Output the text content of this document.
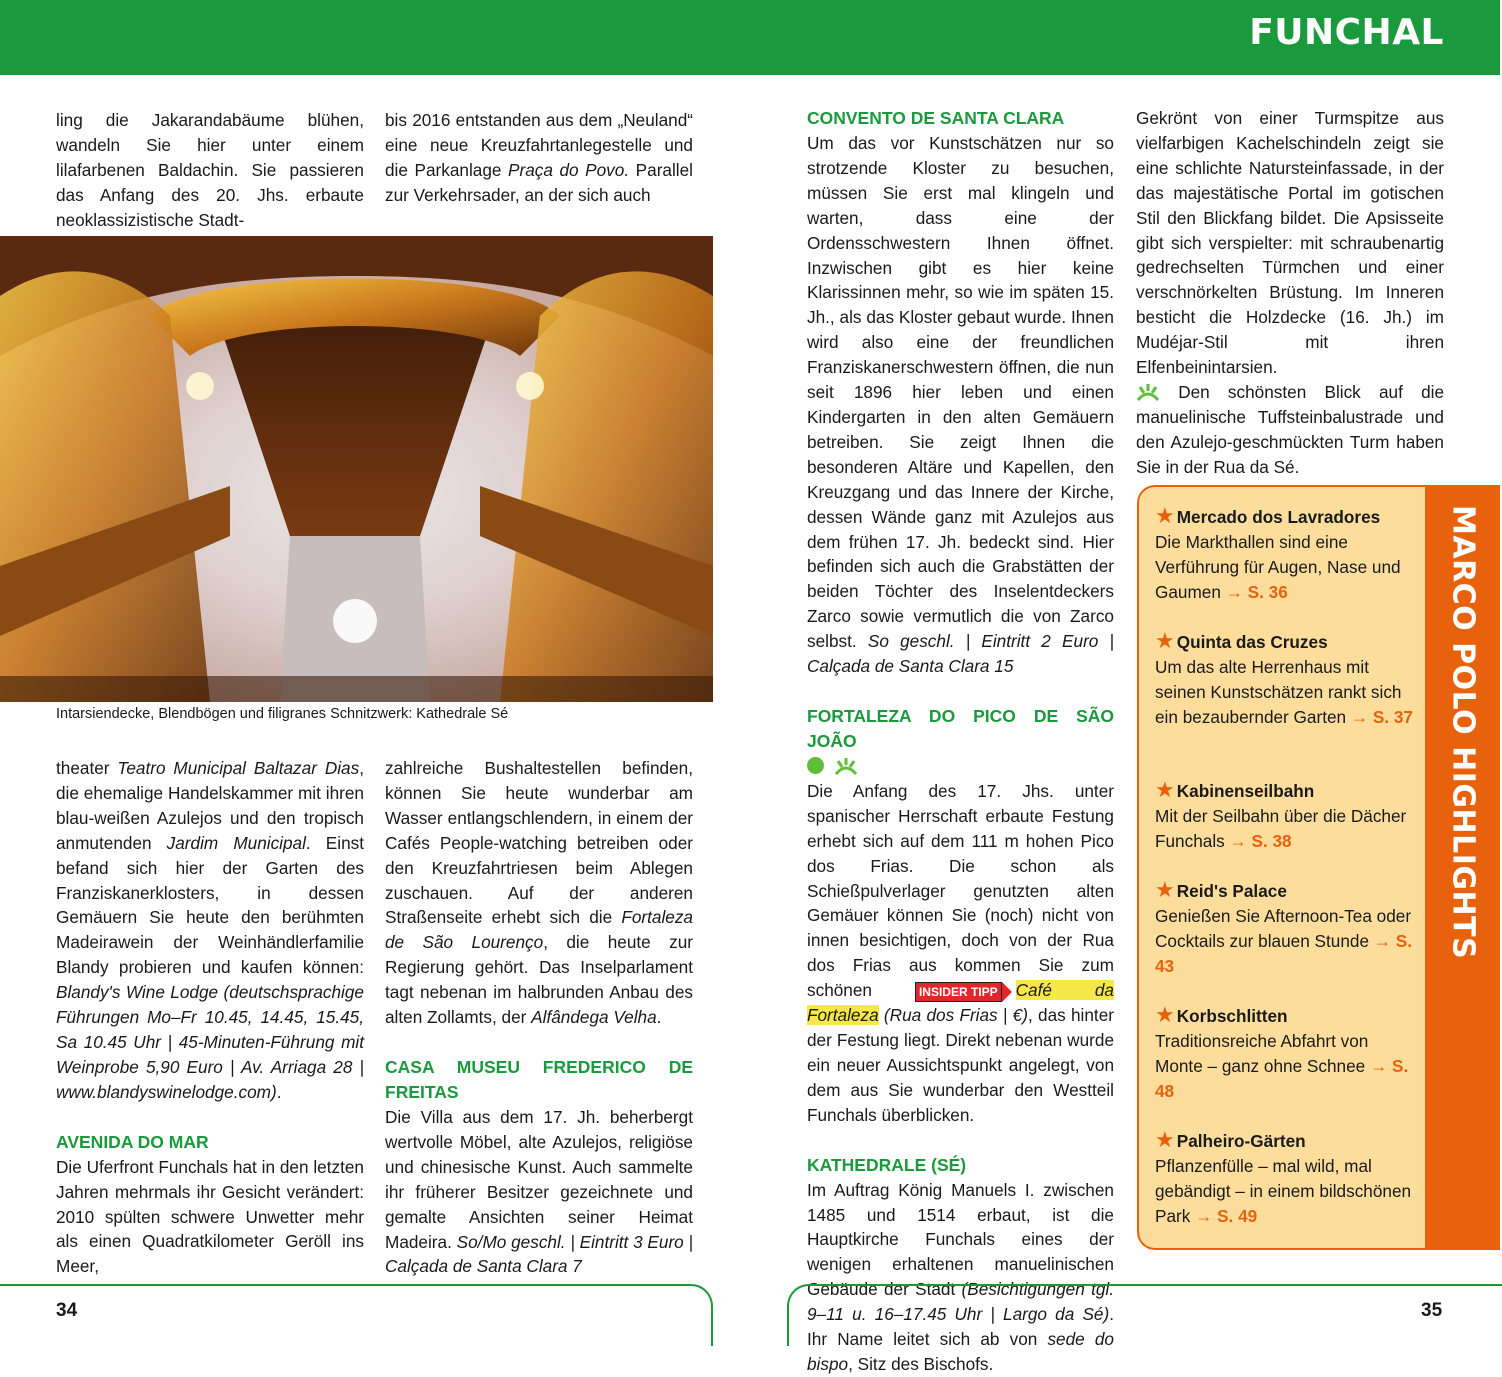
FUNCHAL

ling die Jakarandabäume blühen, wandeln Sie hier unter einem lilafarbenen Baldachin. Sie passieren das Anfang des 20. Jhs. erbaute neoklassizistische Stadt-

bis 2016 entstanden aus dem „Neuland“ eine neue Kreuzfahrtanlegestelle und die Parkanlage Praça do Povo. Parallel zur Verkehrsader, an der sich auch

Intarsiendecke, Blendbögen und filigranes Schnitzwerk: Kathedrale Sé

theater Teatro Municipal Baltazar Dias, die ehemalige Handelskammer mit ihren blau-weißen Azulejos und den tropisch anmutenden Jardim Municipal. Einst befand sich hier der Garten des Franziskanerklosters, in dessen Gemäuern Sie heute den berühmten Madeirawein der Weinhändlerfamilie Blandy probieren und kaufen können: Blandy's Wine Lodge (deutschsprachige Führungen Mo–Fr 10.45, 14.45, 15.45, Sa 10.45 Uhr | 45-Minuten-Führung mit Weinprobe 5,90 Euro | Av. Arriaga 28 | www.blandyswinelodge.com).

AVENIDA DO MAR

Die Uferfront Funchals hat in den letzten Jahren mehrmals ihr Gesicht verändert: 2010 spülten schwere Unwetter mehr als einen Quadratkilometer Geröll ins Meer,

zahlreiche Bushaltestellen befinden, können Sie heute wunderbar am Wasser entlangschlendern, in einem der Cafés People-watching betreiben oder den Kreuzfahrtriesen beim Ablegen zuschauen. Auf der anderen Straßenseite erhebt sich die Fortaleza de São Lourenço, die heute zur Regierung gehört. Das Inselparlament tagt nebenan im halbrunden Anbau des alten Zollamts, der Alfândega Velha.

CASA MUSEU FREDERICO DE FREITAS

Die Villa aus dem 17. Jh. beherbergt wertvolle Möbel, alte Azulejos, religiöse und chinesische Kunst. Auch sammelte ihr früherer Besitzer gezeichnete und gemalte Ansichten seiner Heimat Madeira. So/Mo geschl. | Eintritt 3 Euro | Calçada de Santa Clara 7

CONVENTO DE SANTA CLARA

Um das vor Kunstschätzen nur so strotzende Kloster zu besuchen, müssen Sie erst mal klingeln und warten, dass eine der Ordensschwestern Ihnen öffnet. Inzwischen gibt es hier keine Klarissinnen mehr, so wie im späten 15. Jh., als das Kloster gebaut wurde. Ihnen wird also eine der freundlichen Franziskanerschwestern öffnen, die nun seit 1896 hier leben und einen Kindergarten in den alten Gemäuern betreiben. Sie zeigt Ihnen die besonderen Altäre und Kapellen, den Kreuzgang und das Innere der Kirche, dessen Wände ganz mit Azulejos aus dem frühen 17. Jh. bedeckt sind. Hier befinden sich auch die Grabstätten der beiden Töchter des Inselentdeckers Zarco sowie vermutlich die von Zarco selbst. So geschl. | Eintritt 2 Euro | Calçada de Santa Clara 15

FORTALEZA DO PICO DE SÃO JOÃO

Die Anfang des 17. Jhs. unter spanischer Herrschaft erbaute Festung erhebt sich auf dem 111 m hohen Pico dos Frias. Die schon als Schießpulverlager genutzten alten Gemäuer können Sie (noch) nicht von innen besichtigen, doch von der Rua dos Frias aus kommen Sie zum schönen INSIDER TIPP Café da Fortaleza (Rua dos Frias | €), das hinter der Festung liegt. Direkt nebenan wurde ein neuer Aussichtspunkt angelegt, von dem aus Sie wunderbar den Westteil Funchals überblicken.

KATHEDRALE (SÉ)

Im Auftrag König Manuels I. zwischen 1485 und 1514 erbaut, ist die Hauptkirche Funchals eines der wenigen erhaltenen manuelinischen Gebäude der Stadt (Besichtigungen tgl. 9–11 u. 16–17.45 Uhr | Largo da Sé). Ihr Name leitet sich ab von sede do bispo, Sitz des Bischofs.

Gekrönt von einer Turmspitze aus vielfarbigen Kachelschindeln zeigt sie eine schlichte Natursteinfassade, in der das majestätische Portal im gotischen Stil den Blickfang bildet. Die Apsisseite gibt sich verspielter: mit schraubenartig gedrechselten Türmchen und einer verschnörkelten Brüstung. Im Inneren besticht die Holzdecke (16. Jh.) im Mudéjar-Stil mit ihren Elfenbeinintarsien.
Den schönsten Blick auf die manuelinische Tuffsteinbalustrade und den Azulejo-geschmückten Turm haben Sie in der Rua da Sé.

MARCO POLO HIGHLIGHTS
★ Mercado dos Lavradores
Die Markthallen sind eine Verführung für Augen, Nase und Gaumen → S. 36
★ Quinta das Cruzes
Um das alte Herrenhaus mit seinen Kunstschätzen rankt sich ein bezaubernder Garten → S. 37
★ Kabinenseilbahn
Mit der Seilbahn über die Dächer Funchals → S. 38
★ Reid's Palace
Genießen Sie Afternoon-Tea oder Cocktails zur blauen Stunde → S. 43
★ Korbschlitten
Traditionsreiche Abfahrt von Monte – ganz ohne Schnee → S. 48
★ Palheiro-Gärten
Pflanzenfülle – mal wild, mal gebändigt – in einem bildschönen Park → S. 49
34	35
